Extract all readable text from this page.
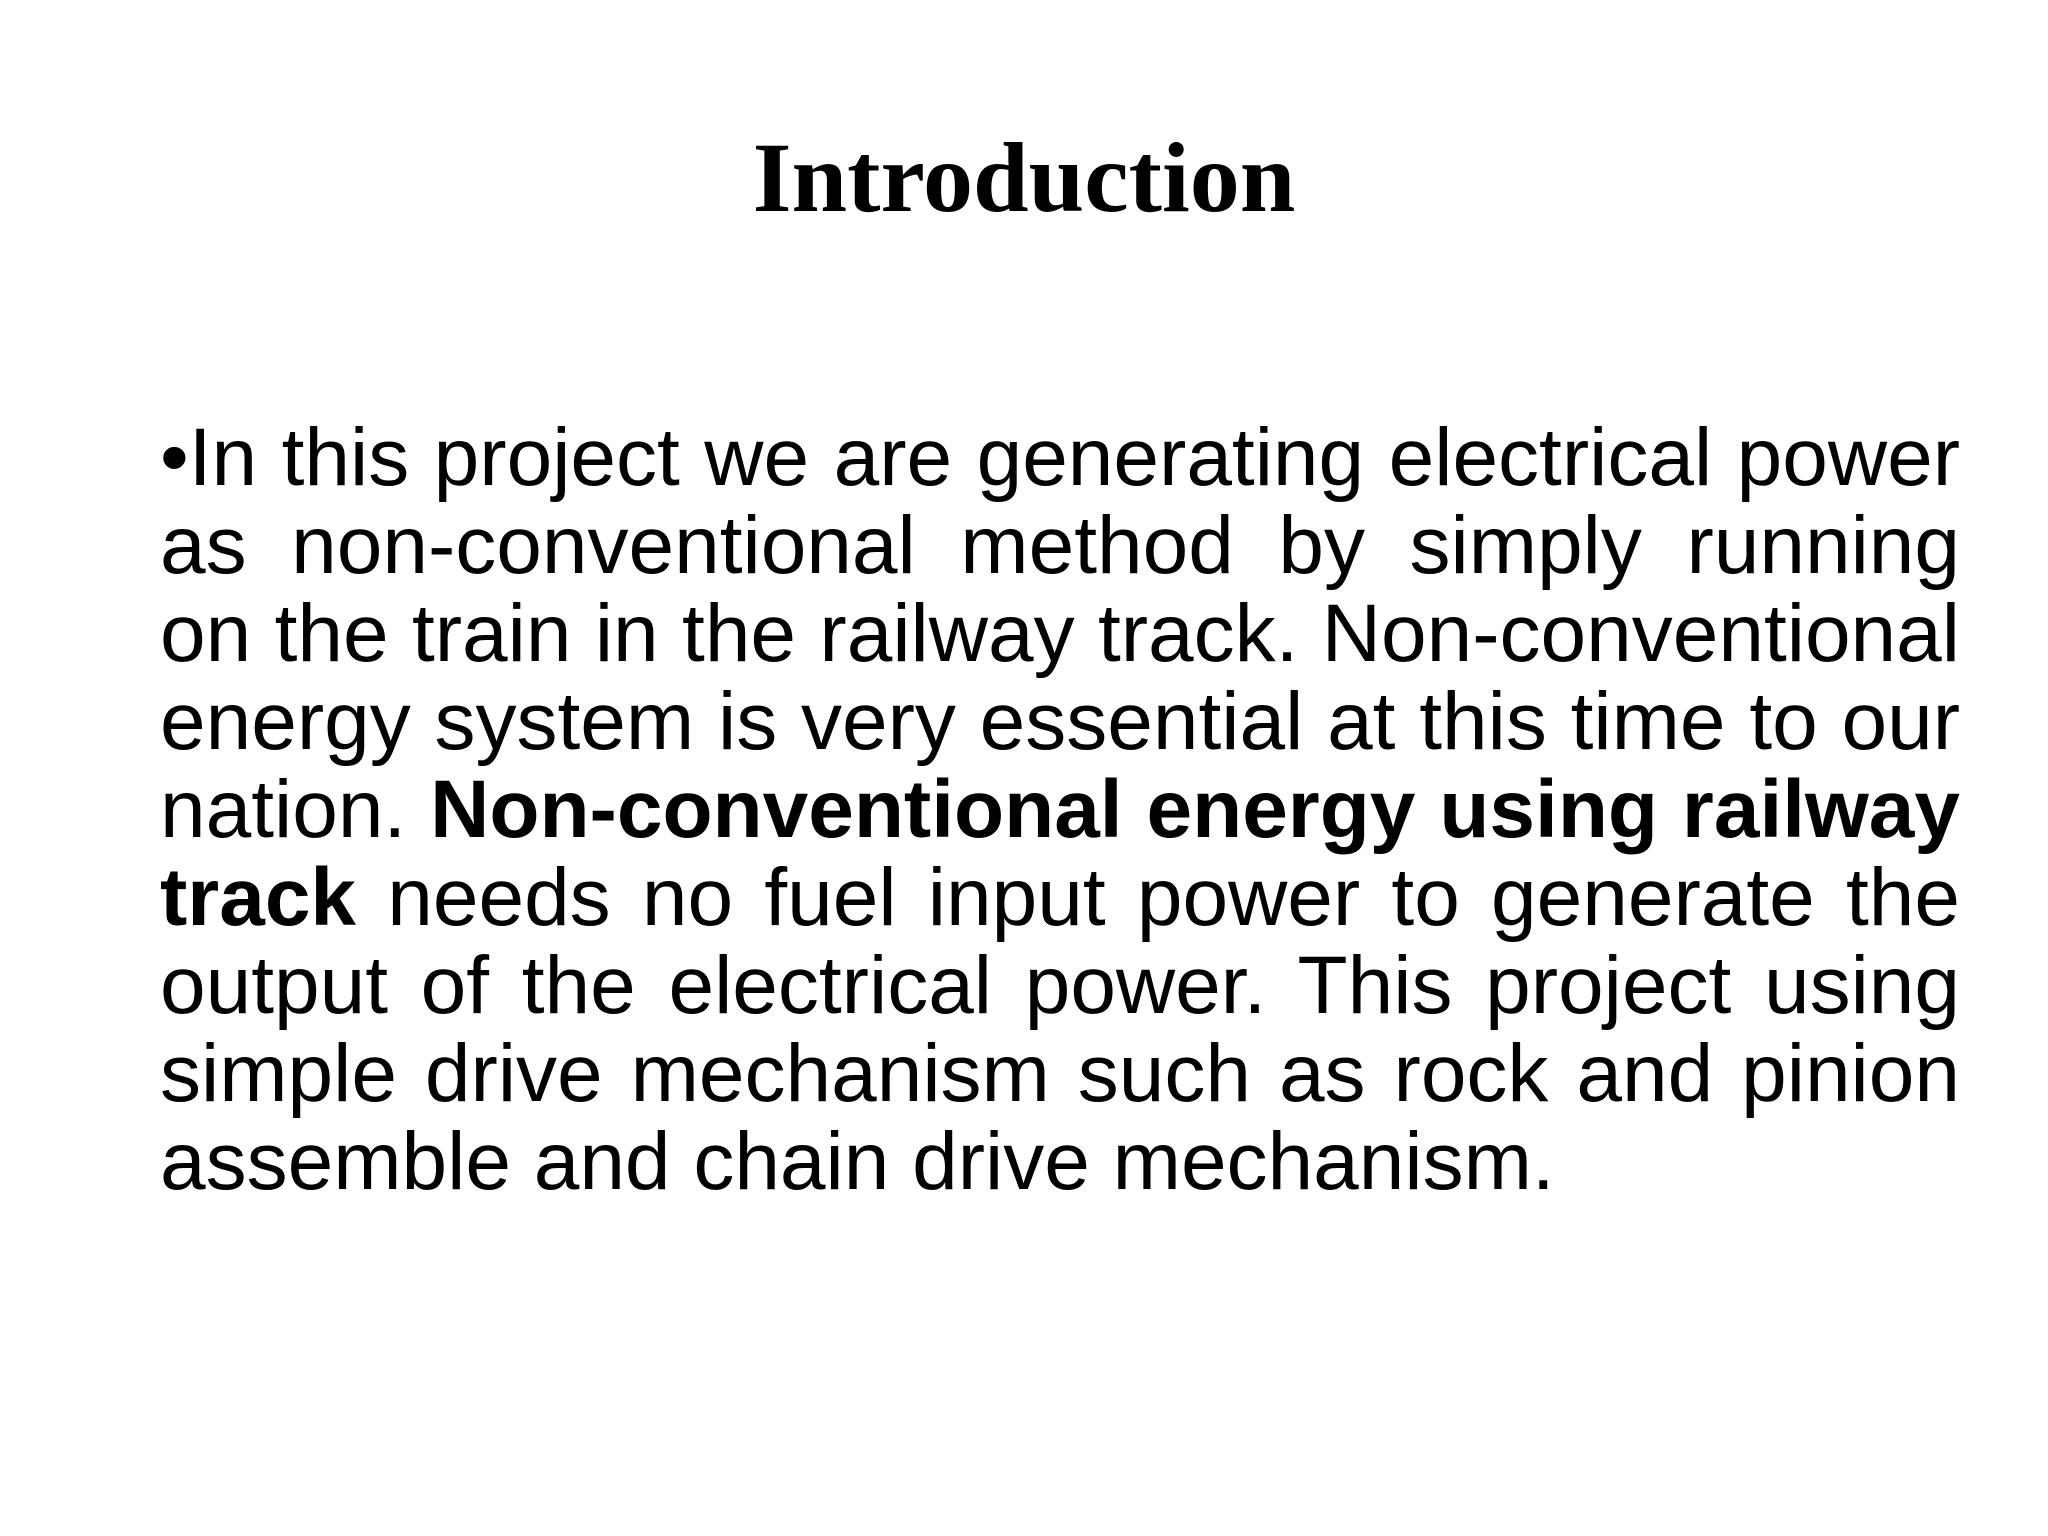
Introduction

•In this project we are generating electrical power as non-conventional method by simply running on the train in the railway track. Non-conventional energy system is very essential at this time to our nation. Non-conventional energy using railway track needs no fuel input power to generate the output of the electrical power. This project using simple drive mechanism such as rock and pinion assemble and chain drive mechanism.
